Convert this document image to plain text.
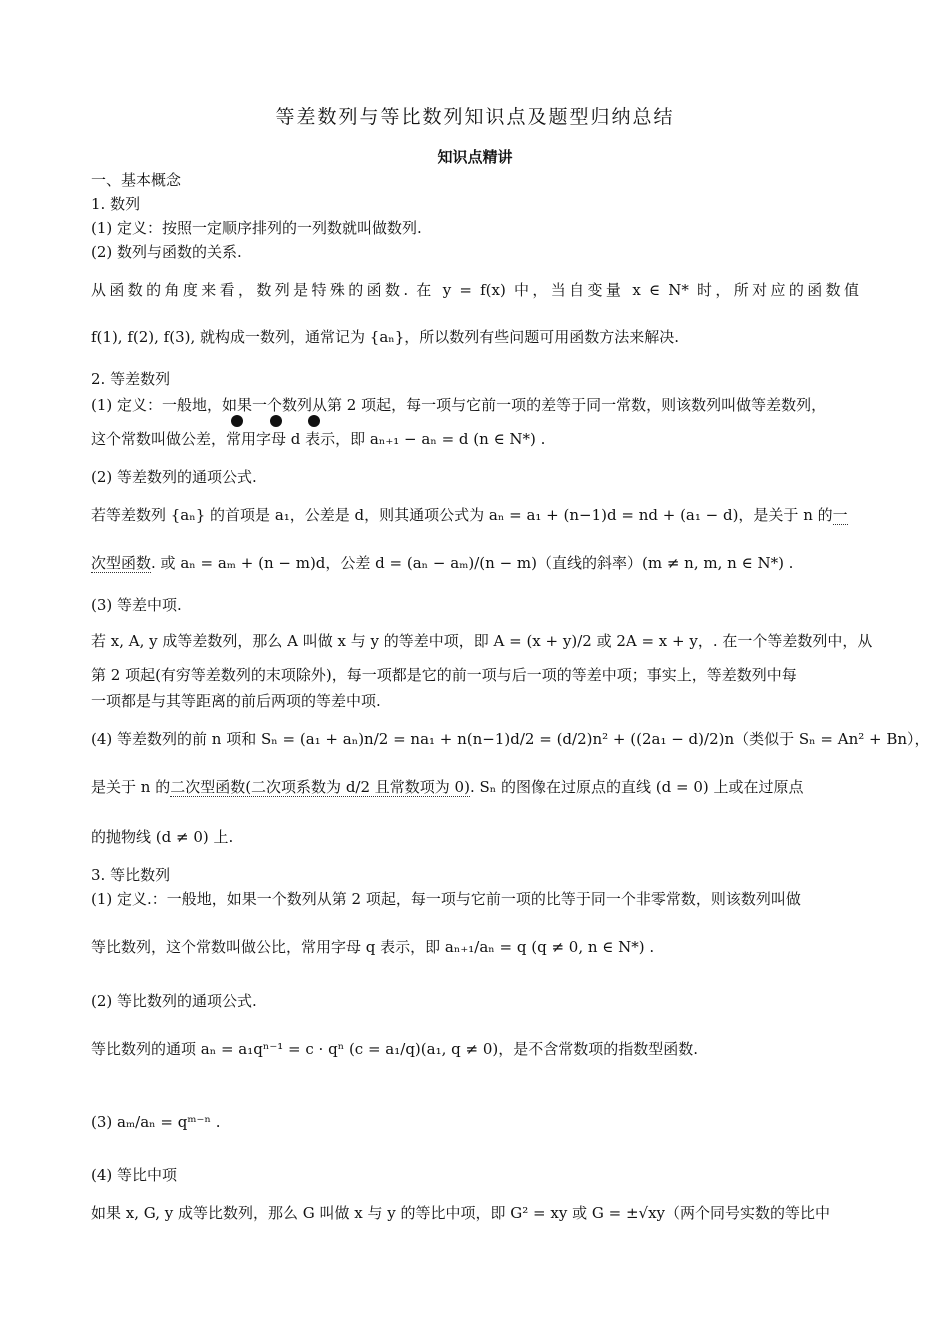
等差数列与等比数列知识点及题型归纳总结
知识点精讲
一、基本概念
1. 数列
(1) 定义：按照一定顺序排列的一列数就叫做数列.
(2) 数列与函数的关系.
从函数的角度来看，数列是特殊的函数. 在 y = f(x) 中，当自变量 x ∈ N* 时，所对应的函数值
f(1), f(2), f(3), 就构成一数列，通常记为 {aₙ}，所以数列有些问题可用函数方法来解决.
2. 等差数列
(1) 定义：一般地，如果一个数列从第 2 项起，每一项与它前一项的差等于同一常数，则该数列叫做等差数列，
这个常数叫做公差，常用字母 d 表示，即 aₙ₊₁ − aₙ = d (n ∈ N*) .
(2) 等差数列的通项公式.
若等差数列 {aₙ} 的首项是 a₁，公差是 d，则其通项公式为 aₙ = a₁ + (n−1)d = nd + (a₁ − d)，是关于 n 的一
次型函数. 或 aₙ = aₘ + (n − m)d，公差 d = (aₙ − aₘ)/(n − m)（直线的斜率）(m ≠ n, m, n ∈ N*) .
(3) 等差中项.
若 x, A, y 成等差数列，那么 A 叫做 x 与 y 的等差中项，即 A = (x + y)/2 或 2A = x + y，. 在一个等差数列中，从
第 2 项起(有穷等差数列的末项除外)，每一项都是它的前一项与后一项的等差中项；事实上，等差数列中每
一项都是与其等距离的前后两项的等差中项.
(4) 等差数列的前 n 项和 Sₙ = (a₁ + aₙ)n/2 = na₁ + n(n−1)d/2 = (d/2)n² + ((2a₁ − d)/2)n（类似于 Sₙ = An² + Bn），
是关于 n 的二次型函数(二次项系数为 d/2 且常数项为 0). Sₙ 的图像在过原点的直线 (d = 0) 上或在过原点
的抛物线 (d ≠ 0) 上.
3. 等比数列
(1) 定义.：一般地，如果一个数列从第 2 项起，每一项与它前一项的比等于同一个非零常数，则该数列叫做
等比数列，这个常数叫做公比，常用字母 q 表示，即 aₙ₊₁/aₙ = q (q ≠ 0, n ∈ N*) .
(2) 等比数列的通项公式.
等比数列的通项 aₙ = a₁qⁿ⁻¹ = c · qⁿ (c = a₁/q)(a₁, q ≠ 0)，是不含常数项的指数型函数.
(3) aₘ/aₙ = qᵐ⁻ⁿ .
(4) 等比中项
如果 x, G, y 成等比数列，那么 G 叫做 x 与 y 的等比中项，即 G² = xy 或 G = ±√xy（两个同号实数的等比中
